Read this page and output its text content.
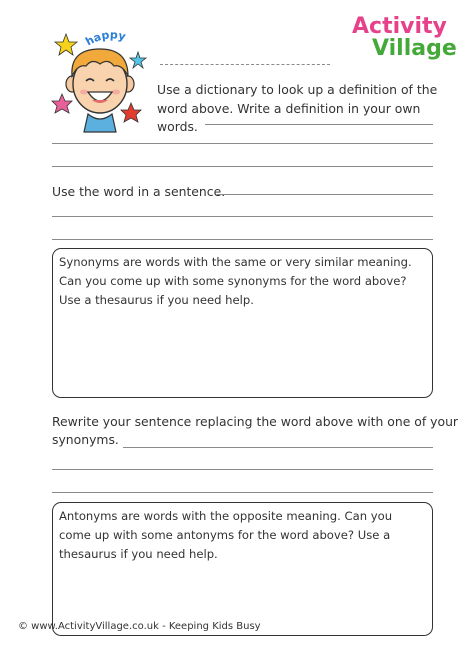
happy	Activity
Village
Use a dictionary to look up a definition of the
word above. Write a definition in your own
words.
Use the word in a sentence.
Synonyms are words with the same or very similar meaning. Can you come up with some synonyms for the word above? Use a thesaurus if you need help.
Rewrite your sentence replacing the word above with one of your
synonyms.
Antonyms are words with the opposite meaning. Can you come up with some antonyms for the word above? Use a thesaurus if you need help.
© www.ActivityVillage.co.uk - Keeping Kids Busy
